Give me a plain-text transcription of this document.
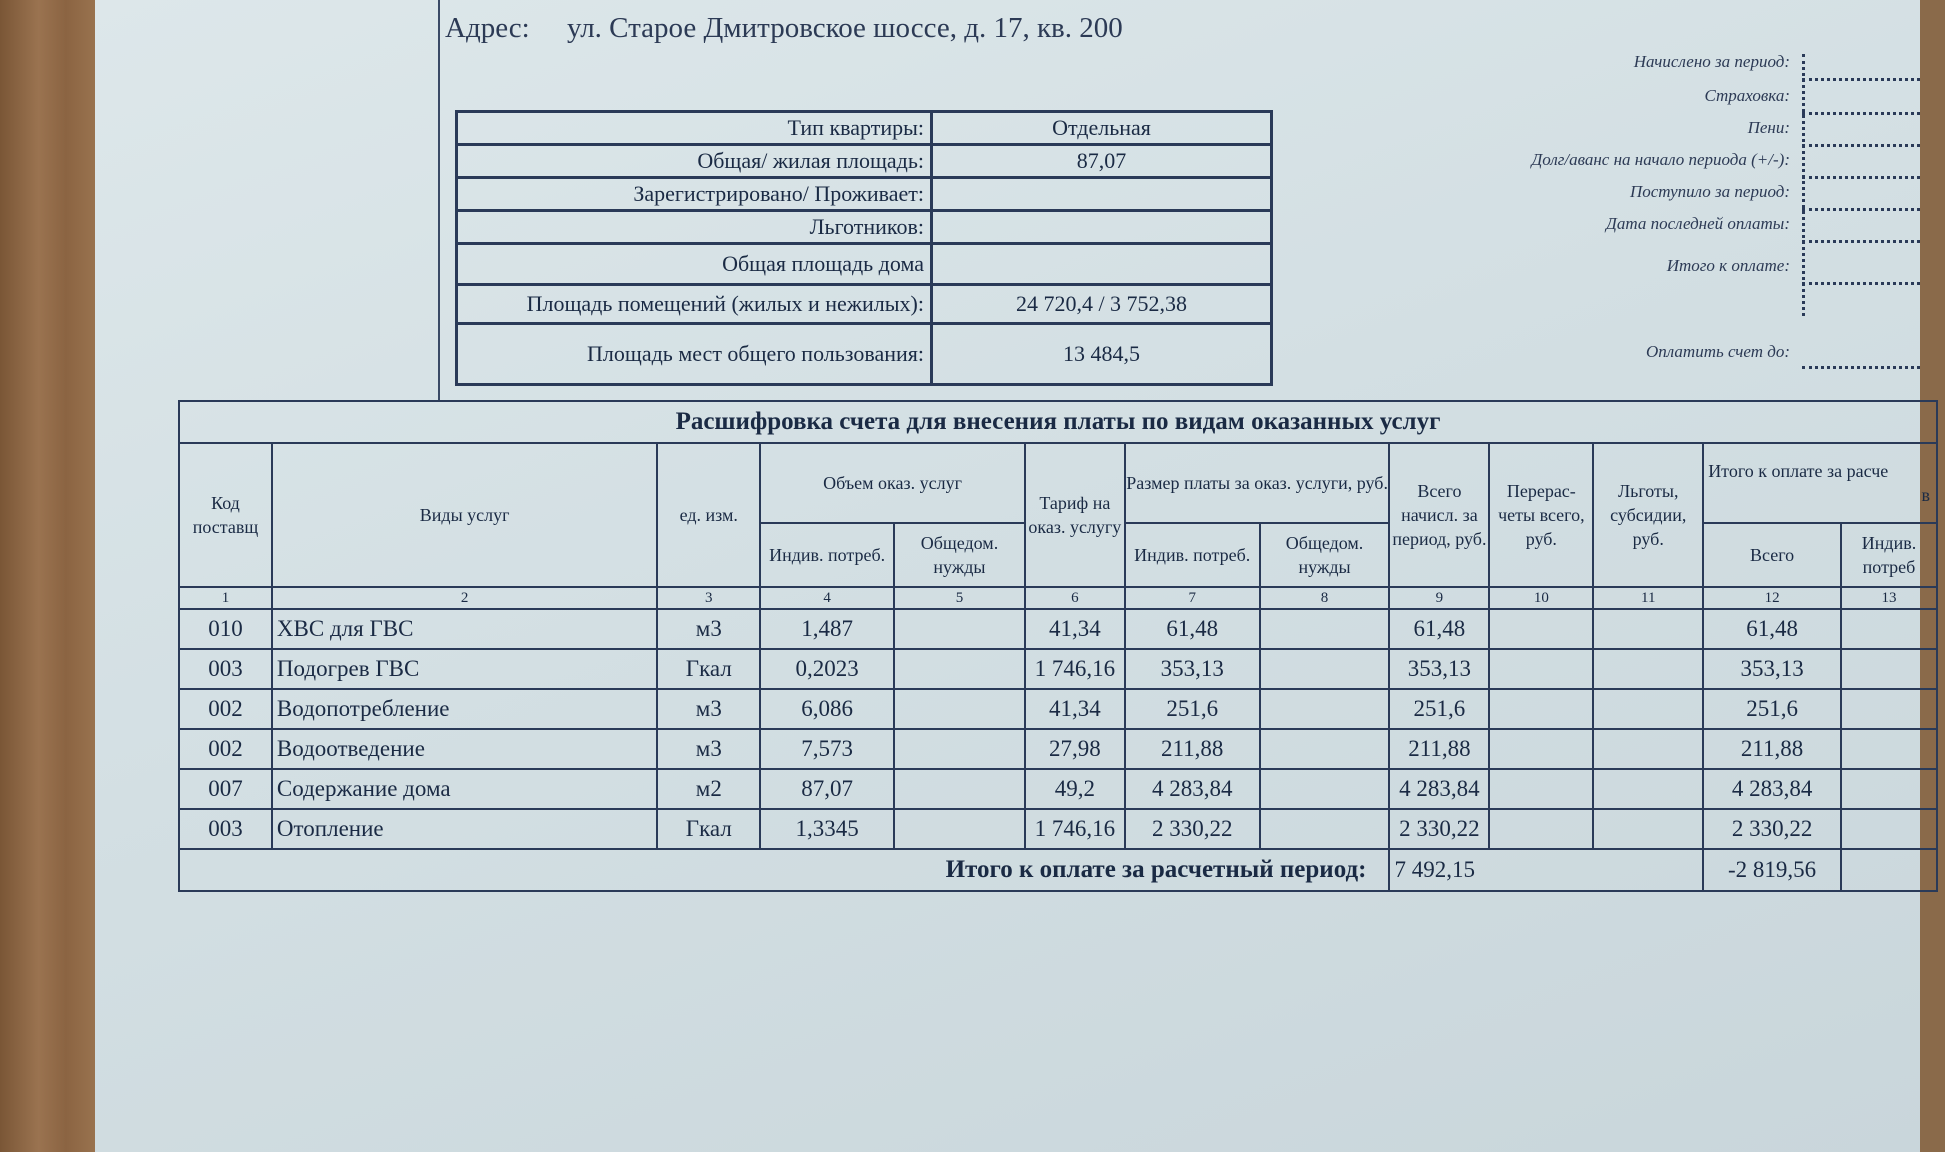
Адрес: ул. Старое Дмитровское шоссе, д. 17, кв. 200
Тип квартиры:	Отдельная
Общая/ жилая площадь:	87,07
Зарегистрировано/ Проживает:	
Льготников:	
Общая площадь дома	
Площадь помещений (жилых и нежилых):	24 720,4 / 3 752,38
Площадь мест общего пользования:	13 484,5
Начислено за период:
Страховка:
Пени:
Долг/аванс на начало периода (+/-):
Поступило за период:
Дата последней оплаты:
Итого к оплате:
Оплатить счет до:
Расшифровка счета для внесения платы по видам оказанных услуг												
Код поставщ	Виды услуг	ед. изм.	Объем оказ. услуг		Тариф на оказ. услугу	Размер платы за оказ. услуги, руб.		Всего начисл. за период, руб.	Перерас-четы всего, руб.	Льготы, субсидии, руб.	Итого к оплате за расче
в	

			Индив. потреб.	Общедом. нужды		Индив. потреб.	Общедом. нужды				Всего	Индив. потреб
1	2	3	4	5	6	7	8	9	10	11	12	13
010	ХВС для ГВС	м3	1,487		41,34	61,48		61,48			61,48	
003	Подогрев ГВС	Гкал	0,2023		1 746,16	353,13		353,13			353,13	
002	Водопотребление	м3	6,086		41,34	251,6		251,6			251,6	
002	Водоотведение	м3	7,573		27,98	211,88		211,88			211,88	
007	Содержание дома	м2	87,07		49,2	4 283,84		4 283,84			4 283,84	
003	Отопление	Гкал	1,3345		1 746,16	2 330,22		2 330,22			2 330,22	
Итого к оплате за расчетный период:								7 492,15			-2 819,56	
